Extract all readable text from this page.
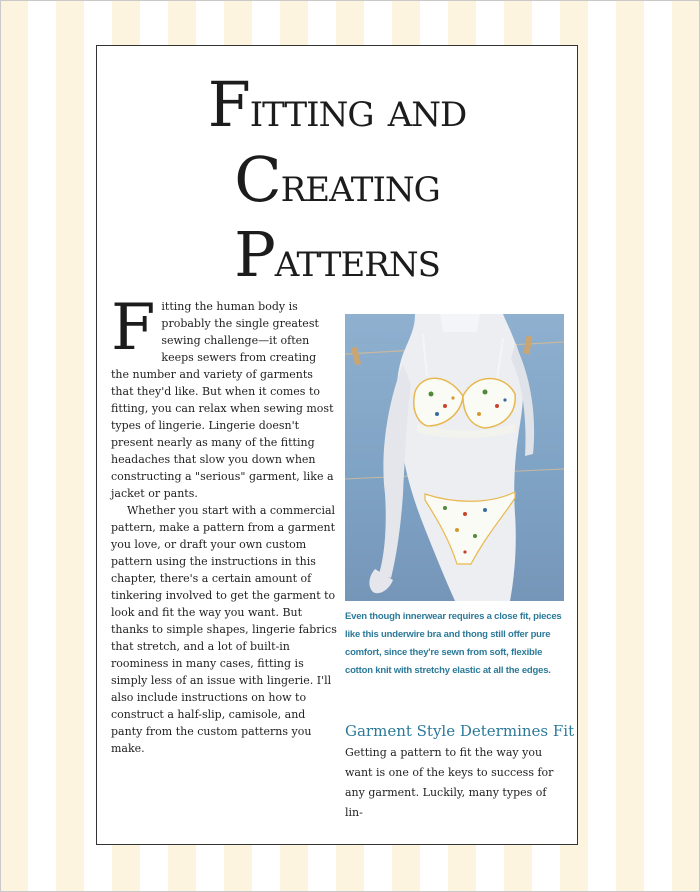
Fitting and
Creating
Patterns

Fitting the human body is probably the single greatest sewing challenge—it often keeps sewers from creating the number and variety of garments that they'd like. But when it comes to fitting, you can relax when sewing most types of lingerie. Lingerie doesn't present nearly as many of the fitting headaches that slow you down when constructing a "serious" garment, like a jacket or pants.

Whether you start with a commercial pattern, make a pattern from a garment you love, or draft your own custom pattern using the instructions in this chapter, there's a certain amount of tinkering involved to get the garment to look and fit the way you want. But thanks to simple shapes, lingerie fabrics that stretch, and a lot of built-in roominess in many cases, fitting is simply less of an issue with lingerie. I'll also include instructions on how to construct a half-slip, camisole, and panty from the custom patterns you make.

Even though innerwear requires a close fit, pieces like this underwire bra and thong still offer pure comfort, since they're sewn from soft, flexible cotton knit with stretchy elastic at all the edges.
Garment Style Determines Fit

Getting a pattern to fit the way you want is one of the keys to success for any garment. Luckily, many types of lin-
